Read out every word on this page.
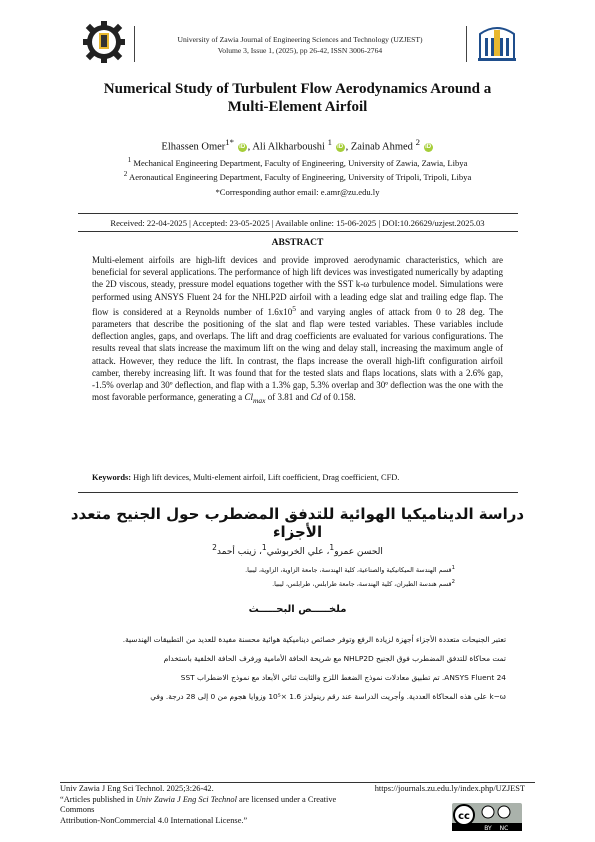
University of Zawia Journal of Engineering Sciences and Technology (UZJEST)
Volume 3, Issue 1, (2025), pp 26-42, ISSN 3006-2764
Numerical Study of Turbulent Flow Aerodynamics Around a
Multi-Element Airfoil
Elhassen Omer$^{1*}$ iD , Ali Alkharboushi $^1$ iD , Zainab Ahmed $^2$ iD
$^1$ Mechanical Engineering Department, Faculty of Engineering, University of Zawia, Zawia, Libya
$^2$ Aeronautical Engineering Department, Faculty of Engineering, University of Tripoli, Tripoli, Libya
*Corresponding author email: e.amr@zu.edu.ly
Received: 22-04-2025 | Accepted: 23-05-2025 | Available online: 15-06-2025 | DOI:10.26629/uzjest.2025.03
ABSTRACT
Multi-element airfoils are high-lift devices and provide improved aerodynamic characteristics, which are beneficial for several applications. The performance of high lift devices was investigated numerically by adapting the 2D viscous, steady, pressure model equations together with the SST k-ω turbulence model. Simulations were performed using ANSYS Fluent 24 for the NHLP2D airfoil with a leading edge slat and trailing edge flap. The flow is considered at a Reynolds number of $1.6x10^5$ and varying angles of attack from 0 to 28 deg. The parameters that describe the positioning of the slat and flap were tested variables. These variables include deflection angles, gaps, and overlaps. The lift and drag coefficients are evaluated for various configurations. The results reveal that slats increase the maximum lift on the wing and delay stall, increasing the maximum angle of attack. However, they reduce the lift. In contrast, the flaps increase the overall high-lift configuration airfoil camber, thereby increasing lift. It was found that for the tested slats and flaps locations, slats with a 2.6% gap, -1.5% overlap and 30º deflection, and flap with a 1.3% gap, 5.3% overlap and 30º deflection was the one with the most favorable performance, generating a $Cl_{max}$ of 3.81 and Cd of 0.158.
Keywords: High lift devices, Multi-element airfoil, Lift coefficient, Drag coefficient, CFD.
دراسة الديناميكيا الهوائية للتدفق المضطرب حول الجنيح متعدد الأجزاء
الحسن عمرو$^1$، علي الخربوشي$^1$، زينب أحمد$^2$
$^1$قسم الهندسة الميكانيكية والصناعية، كلية الهندسة، جامعة الزاوية، الزاوية، ليبيا.
$^2$قسم هندسة الطيران، كلية الهندسة، جامعة طرابلس، طرابلس، ليبيا.
ملخـــــص البحـــــث
تعتبر الجنيحات متعددة الأجزاء أجهزة لزيادة الرفع وتوفر خصائص ديناميكية هوائية محسنة مفيدة للعديد من التطبيقات الهندسية.
تمت محاكاة للتدفق المضطرب فوق الجنيح NHLP2D مع شريحة الحافة الأمامية ورفرف الحافة الخلفية باستخدام
ANSYS Fluent 24. تم تطبيق معادلات نموذج الضغط اللزج والثابت ثنائي الأبعاد مع نموذج الاضطراب SST
k−ω على هذه المحاكاة العددية. وأجريت الدراسة عند رقم رينولدز 1.6 ×10⁵ وزوايا هجوم من 0 إلى 28 درجة. وفي
Univ Zawia J Eng Sci Technol. 2025;3:26-42.
“Articles published in Univ Zawia J Eng Sci Technol are licensed under a Creative Commons
Attribution-NonCommercial 4.0 International License.”
https://journals.zu.edu.ly/index.php/UZJEST
cc
BY NC
